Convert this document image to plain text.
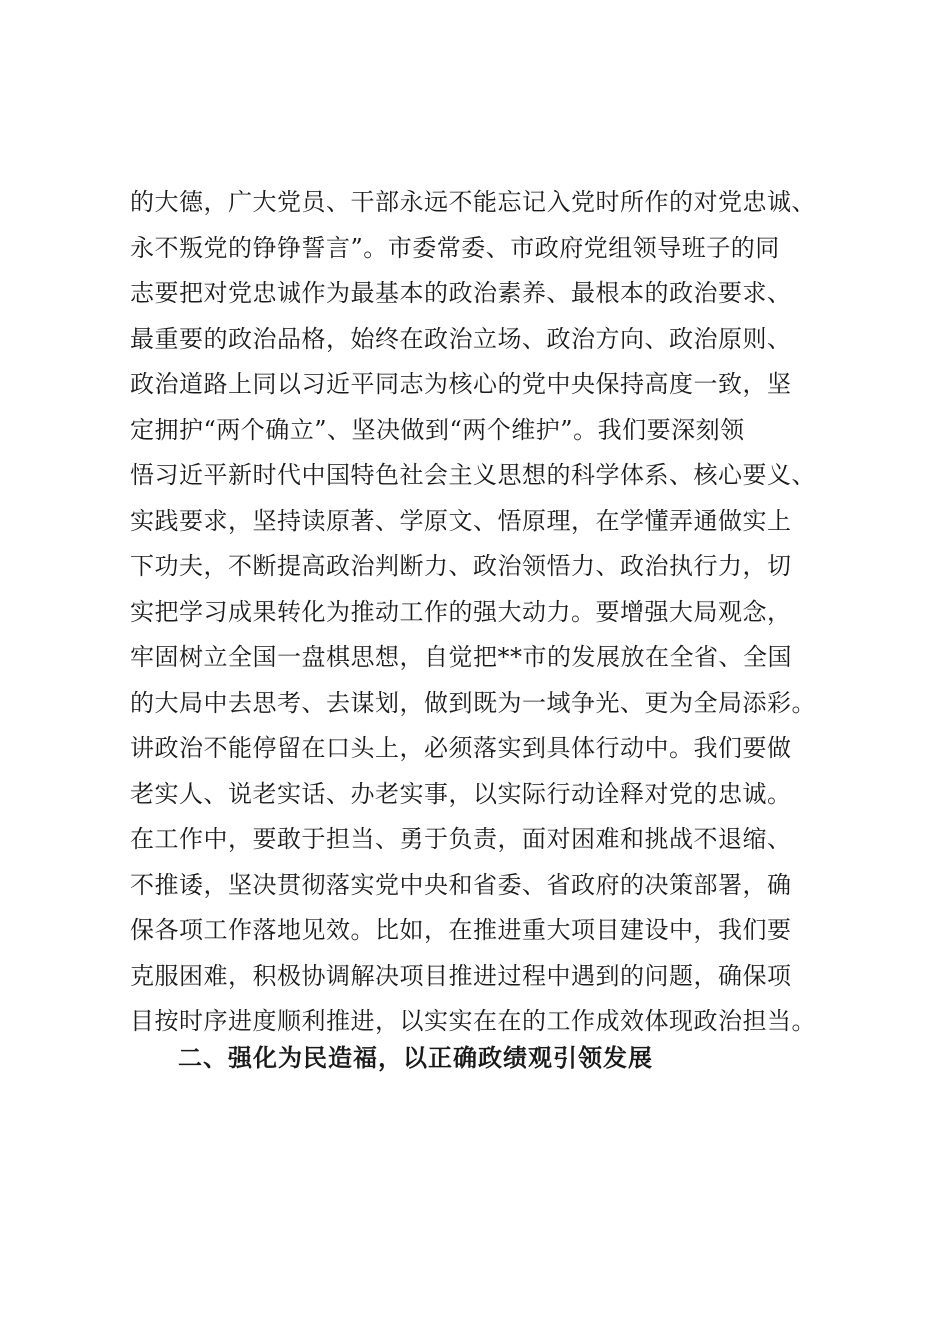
的大德，广大党员、干部永远不能忘记入党时所作的对党忠诚、
永不叛党的铮铮誓言”。市委常委、市政府党组领导班子的同
志要把对党忠诚作为最基本的政治素养、最根本的政治要求、
最重要的政治品格，始终在政治立场、政治方向、政治原则、
政治道路上同以习近平同志为核心的党中央保持高度一致，坚
定拥护“两个确立”、坚决做到“两个维护”。我们要深刻领
悟习近平新时代中国特色社会主义思想的科学体系、核心要义、
实践要求，坚持读原著、学原文、悟原理，在学懂弄通做实上
下功夫，不断提高政治判断力、政治领悟力、政治执行力，切
实把学习成果转化为推动工作的强大动力。要增强大局观念，
牢固树立全国一盘棋思想，自觉把**市的发展放在全省、全国
的大局中去思考、去谋划，做到既为一域争光、更为全局添彩。
讲政治不能停留在口头上，必须落实到具体行动中。我们要做
老实人、说老实话、办老实事，以实际行动诠释对党的忠诚。
在工作中，要敢于担当、勇于负责，面对困难和挑战不退缩、
不推诿，坚决贯彻落实党中央和省委、省政府的决策部署，确
保各项工作落地见效。比如，在推进重大项目建设中，我们要
克服困难，积极协调解决项目推进过程中遇到的问题，确保项
目按时序进度顺利推进，以实实在在的工作成效体现政治担当。
二、强化为民造福，以正确政绩观引领发展
